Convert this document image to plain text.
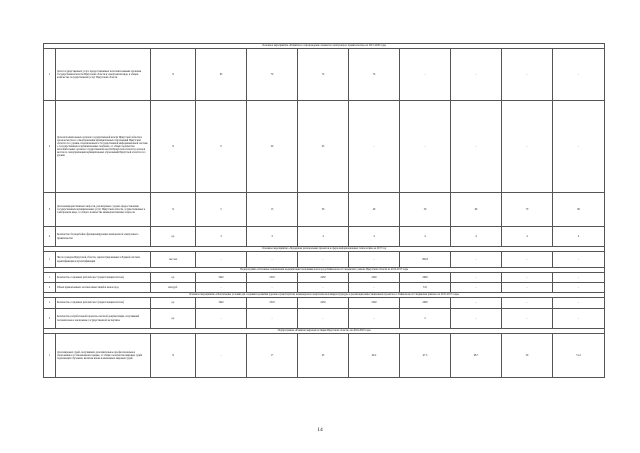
Основное мероприятие «Развитие и сопровождение элементов электронного правительства» на 2015-2020 годы										
1	Доля государственных услуг, предоставляемых исполнительными органами государственной власти Иркутской области в электронном виде, в общем количестве государственных услуг Иркутской области	%	65	70	72	74	-	-	-	-
2	Доля исполнительных органов государственной власти Иркутской области и органов местного самоуправления муниципальных образований Иркутской области 2-го уровня, подключенных к Государственной информационной системе о государственных и муниципальных платежах, от общего количества исполнительных органов государственной власти Иркутской области и органов местного самоуправления муниципальных образований Иркутской области 2-го уровня	%	0	20	45	-	-	-	-	-
3	Доля межведомственных запросов, реализуемых с целью предоставления государственных муниципальных услуг Иркутской области, осуществляемых в электронном виде, от общего количества межведомственных запросов	%	5	15	30	40	50	60	70	80
4	Количество бесперебойно функционирующих компонентов электронного правительства	ед.	3	4	4	4	4	4	4	4
Основное мероприятие «Поддержка региональных проектов в сфере информационных технологий» на 2017 год										
1	Число граждан Иркутской области, зарегистрированных в Единой системе идентификации и аутентификации	тыс.чел	-	-	-	-	282.8	-	-	-
Подпрограмма «Основные направления модернизации экономики моногорода Байкальска и Слюдянского района Иркутской области на 2015-2017 годы										
1	Количество созданных рабочих мест (нарастающим итогом)	ед.	1942	2318	2450	2540	2600	-	-	-
2	Объем привлеченных частных инвестиций в моногород	млн.руб.	-	-	-	-	315	-	-	-
Основное мероприятие «Обеспечение условий для создания и развития дорожно-транспортной, инженерной и энергетической инфраструктуры в реализации инвестиционных проектов в г. Байкальске и Слюдянском районе» на 2015-2017 годы»										
1	Количество созданных рабочих мест (нарастающим итогом)	ед.	1942	2318	2450	2540	2600	-	-	-
2	Количество разработанной проектно-сметной документации, получившей положительное заключение государственной экспертизы	ед.	-	-	-	-	2	-	-	-
Подпрограмма «Развитие мировой юстиции Иркутской области» на 2016-2020 годы										
1	Доля мировых судей, получивших дополнительное профессиональное образование в установленном порядке, от общего количества мировых судей подлежащих обучению, включая вновь назначенных мировых судей	%	-	17	45	40.2	47.5	48.7	50	51.2
14
